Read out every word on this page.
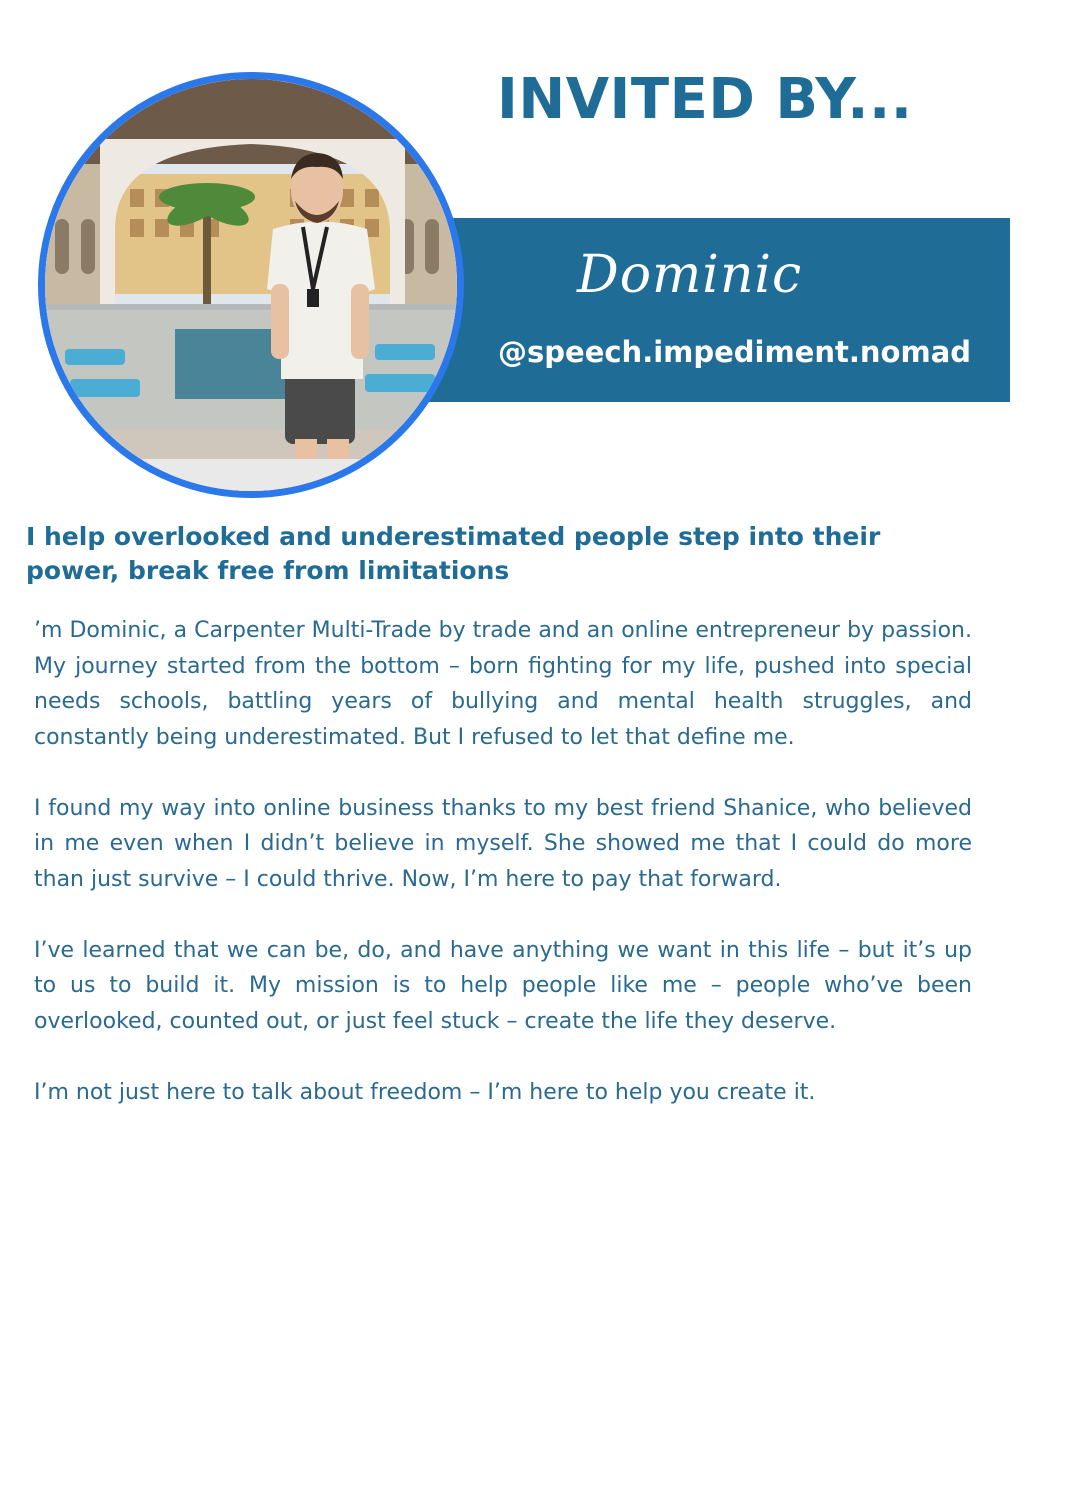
INVITED BY...
Dominic
@speech.impediment.nomad
I help overlooked and underestimated people step into their power, break free from limitations

’m Dominic, a Carpenter Multi-Trade by trade and an online entrepreneur by passion. My journey started from the bottom – born fighting for my life, pushed into special needs schools, battling years of bullying and mental health struggles, and constantly being underestimated. But I refused to let that define me.

I found my way into online business thanks to my best friend Shanice, who believed in me even when I didn’t believe in myself. She showed me that I could do more than just survive – I could thrive. Now, I’m here to pay that forward.

I’ve learned that we can be, do, and have anything we want in this life – but it’s up to us to build it. My mission is to help people like me – people who’ve been overlooked, counted out, or just feel stuck – create the life they deserve.

I’m not just here to talk about freedom – I’m here to help you create it.
